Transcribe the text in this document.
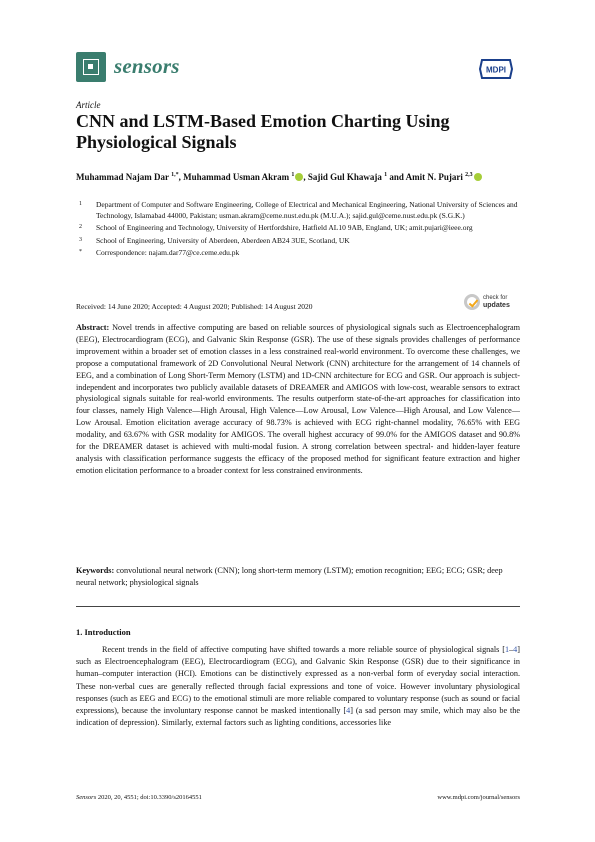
sensors	MDPI
Article
CNN and LSTM-Based Emotion Charting Using Physiological Signals
Muhammad Najam Dar $^{1,*}$, Muhammad Usman Akram $^1$ , Sajid Gul Khawaja $^1$ and Amit N. Pujari $^{2,3}$
1 Department of Computer and Software Engineering, College of Electrical and Mechanical Engineering, National University of Sciences and Technology, Islamabad 44000, Pakistan; usman.akram@ceme.nust.edu.pk (M.U.A.); sajid.gul@ceme.nust.edu.pk (S.G.K.)
2 School of Engineering and Technology, University of Hertfordshire, Hatfield AL10 9AB, England, UK; amit.pujari@ieee.org
3 School of Engineering, University of Aberdeen, Aberdeen AB24 3UE, Scotland, UK
* Correspondence: najam.dar77@ce.ceme.edu.pk
Received: 14 June 2020; Accepted: 4 August 2020; Published: 14 August 2020
check for
updates
Abstract: Novel trends in affective computing are based on reliable sources of physiological signals such as Electroencephalogram (EEG), Electrocardiogram (ECG), and Galvanic Skin Response (GSR). The use of these signals provides challenges of performance improvement within a broader set of emotion classes in a less constrained real-world environment. To overcome these challenges, we propose a computational framework of 2D Convolutional Neural Network (CNN) architecture for the arrangement of 14 channels of EEG, and a combination of Long Short-Term Memory (LSTM) and 1D-CNN architecture for ECG and GSR. Our approach is subject-independent and incorporates two publicly available datasets of DREAMER and AMIGOS with low-cost, wearable sensors to extract physiological signals suitable for real-world environments. The results outperform state-of-the-art approaches for classification into four classes, namely High Valence—High Arousal, High Valence—Low Arousal, Low Valence—High Arousal, and Low Valence—Low Arousal. Emotion elicitation average accuracy of 98.73% is achieved with ECG right-channel modality, 76.65% with EEG modality, and 63.67% with GSR modality for AMIGOS. The overall highest accuracy of 99.0% for the AMIGOS dataset and 90.8% for the DREAMER dataset is achieved with multi-modal fusion. A strong correlation between spectral- and hidden-layer feature analysis with classification performance suggests the efficacy of the proposed method for significant feature extraction and higher emotion elicitation performance to a broader context for less constrained environments.
Keywords: convolutional neural network (CNN); long short-term memory (LSTM); emotion recognition; EEG; ECG; GSR; deep neural network; physiological signals
1. Introduction
Recent trends in the field of affective computing have shifted towards a more reliable source of physiological signals [1–4] such as Electroencephalogram (EEG), Electrocardiogram (ECG), and Galvanic Skin Response (GSR) due to their significance in human–computer interaction (HCI). Emotions can be distinctively expressed as a non-verbal form of everyday social interaction. These non-verbal cues are generally reflected through facial expressions and tone of voice. However involuntary physiological responses (such as EEG and ECG) to the emotional stimuli are more reliable compared to voluntary response (such as sound or facial expressions), because the involuntary response cannot be masked intentionally [4] (a sad person may smile, which may also be the indication of depression). Similarly, external factors such as lighting conditions, accessories like
Sensors 2020, 20, 4551; doi:10.3390/s20164551	www.mdpi.com/journal/sensors
